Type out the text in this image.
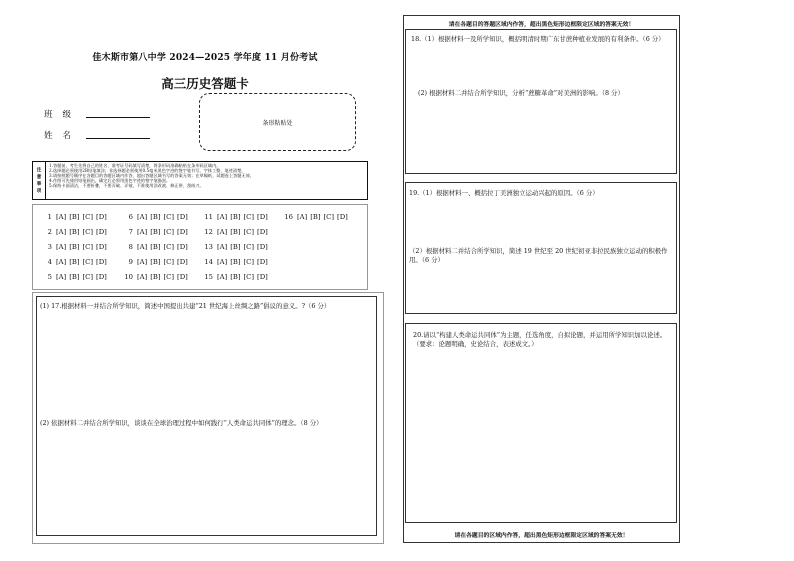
佳木斯市第八中学 2024—2025 学年度 11 月份考试
高三历史答题卡
班级
姓名
条形粘贴处
注意事项
1.答题前，考生先将自己的姓名、准考证号码填写清楚，将条形码准确粘贴在条形码区域内。
2.选择题必须使用2B铅笔填涂；非选择题必须使用0.5毫米黑色字迹的签字笔书写，字体工整，笔迹清楚。
3.请按照题号顺序在各题目的答题区域内作答，超出答题区域书写的答案无效；在草稿纸、试题卷上答题无效。
4.作图可先使用铅笔画出，确定后必须用黑色字迹的签字笔描黑。
5.保持卡面清洁，不要折叠，不要弄破、弄皱，不准使用涂改液、修正带、刮纸刀。
1 [A] [B] [C] [D]
2 [A] [B] [C] [D]
3 [A] [B] [C] [D]
4 [A] [B] [C] [D]
5 [A] [B] [C] [D]
6 [A] [B] [C] [D]
7 [A] [B] [C] [D]
8 [A] [B] [C] [D]
9 [A] [B] [C] [D]
10 [A] [B] [C] [D]
11 [A] [B] [C] [D]
12 [A] [B] [C] [D]
13 [A] [B] [C] [D]
14 [A] [B] [C] [D]
15 [A] [B] [C] [D]
16 [A] [B] [C] [D]
(1) 17.根据材料一并结合所学知识，简述中国提出共建“21 世纪海上丝绸之路”倡议的意义。?（6 分）
(2) 依据材料二并结合所学知识，谈谈在全球治理过程中如何践行“人类命运共同体”的理念。（8 分）
请在各题目的答题区域内作答，超出黑色矩形边框限定区域的答案无效！
18.（1）根据材料一及所学知识，概括明清时期广东甘蔗种植业发展的有利条件。（6 分）
(2) 根据材料二并结合所学知识，分析“蔗糖革命”对美洲的影响。（8 分）
19.（1）根据材料一、概括拉丁美洲独立运动兴起的原因。（6 分）
（2）根据材料二并结合所学知识，简述 19 世纪至 20 世纪初亚非拉民族独立运动的积极作用。（6 分）
20.请以“构建人类命运共同体”为主题，任选角度，自拟论题，并运用所学知识加以论述。（要求：论题明确，史论结合，表述成文。）
请在各题目的区域内作答，超出黑色矩形边框限定区域的答案无效！
